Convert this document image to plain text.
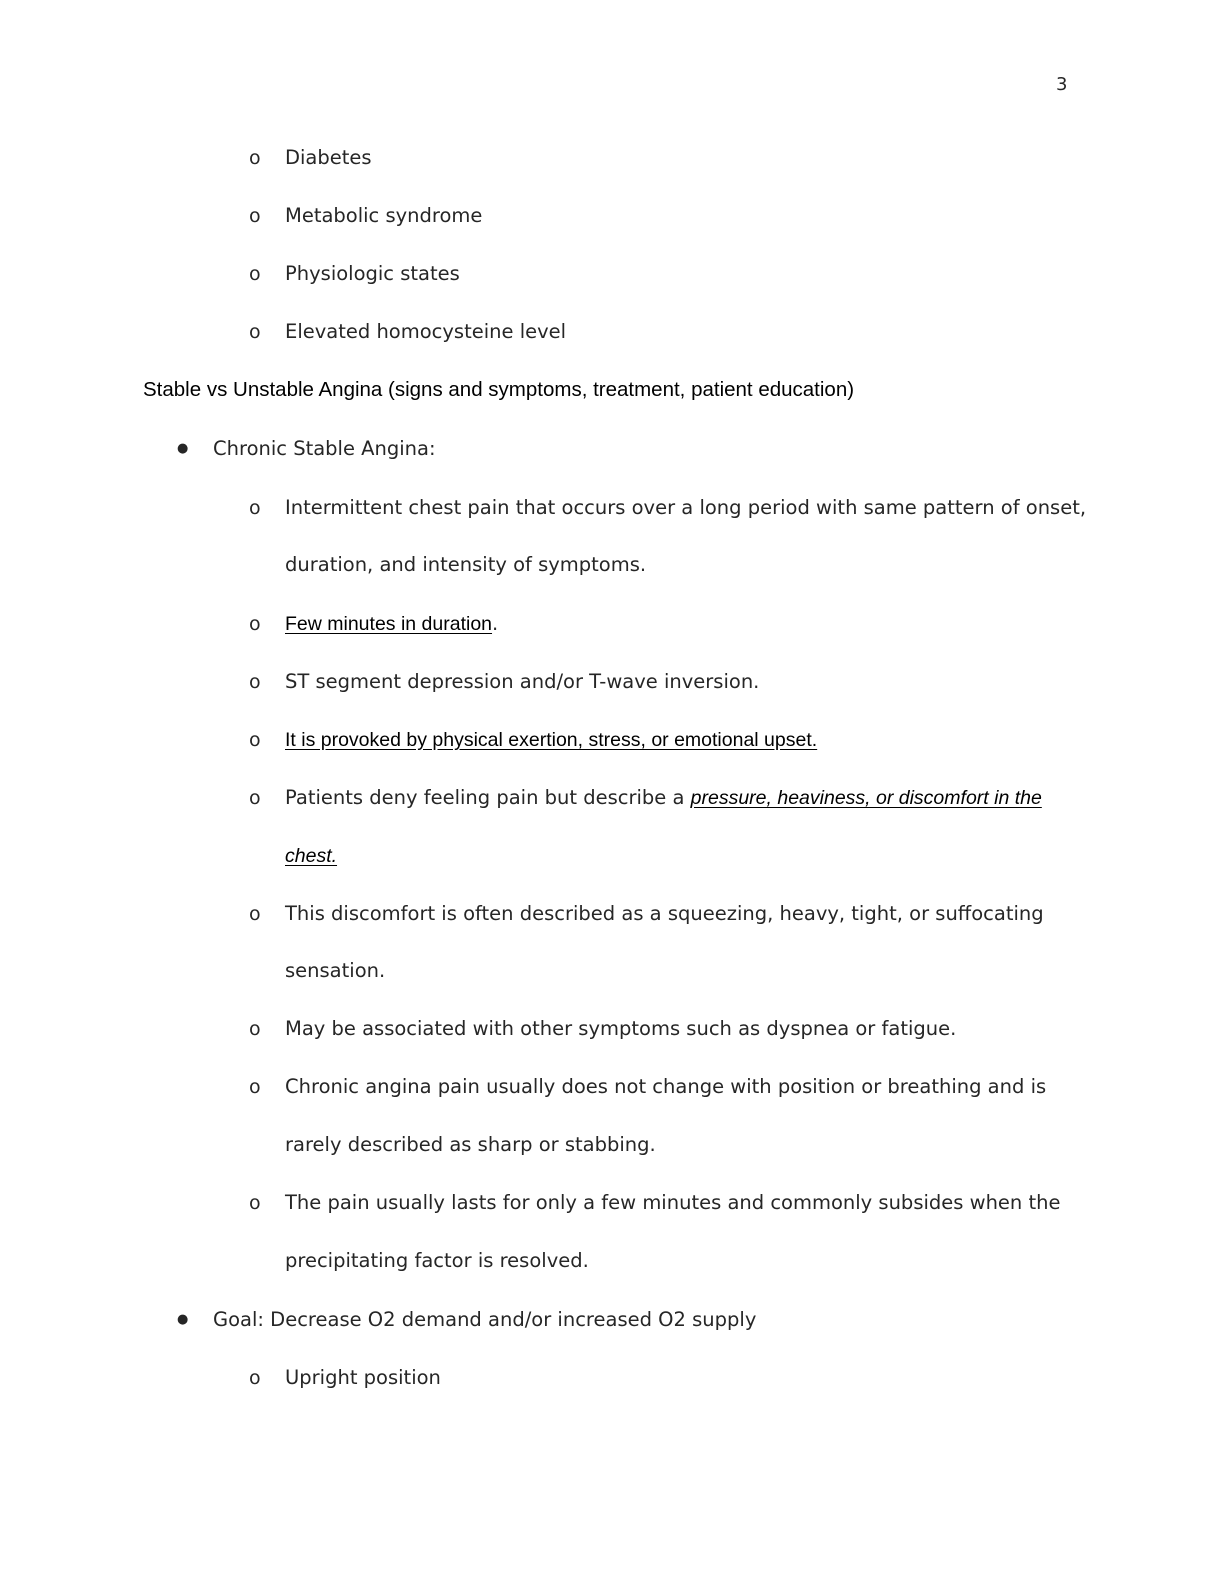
3
o Diabetes
o Metabolic syndrome
o Physiologic states
o Elevated homocysteine level
Stable vs Unstable Angina (signs and symptoms, treatment, patient education)
● Chronic Stable Angina:
o Intermittent chest pain that occurs over a long period with same pattern of onset,
duration, and intensity of symptoms.
o Few minutes in duration.
o ST segment depression and/or T-wave inversion.
o It is provoked by physical exertion, stress, or emotional upset.
o Patients deny feeling pain but describe a pressure, heaviness, or discomfort in the
chest.
o This discomfort is often described as a squeezing, heavy, tight, or suffocating
sensation.
o May be associated with other symptoms such as dyspnea or fatigue.
o Chronic angina pain usually does not change with position or breathing and is
rarely described as sharp or stabbing.
o The pain usually lasts for only a few minutes and commonly subsides when the
precipitating factor is resolved.
● Goal: Decrease O2 demand and/or increased O2 supply
o Upright position
